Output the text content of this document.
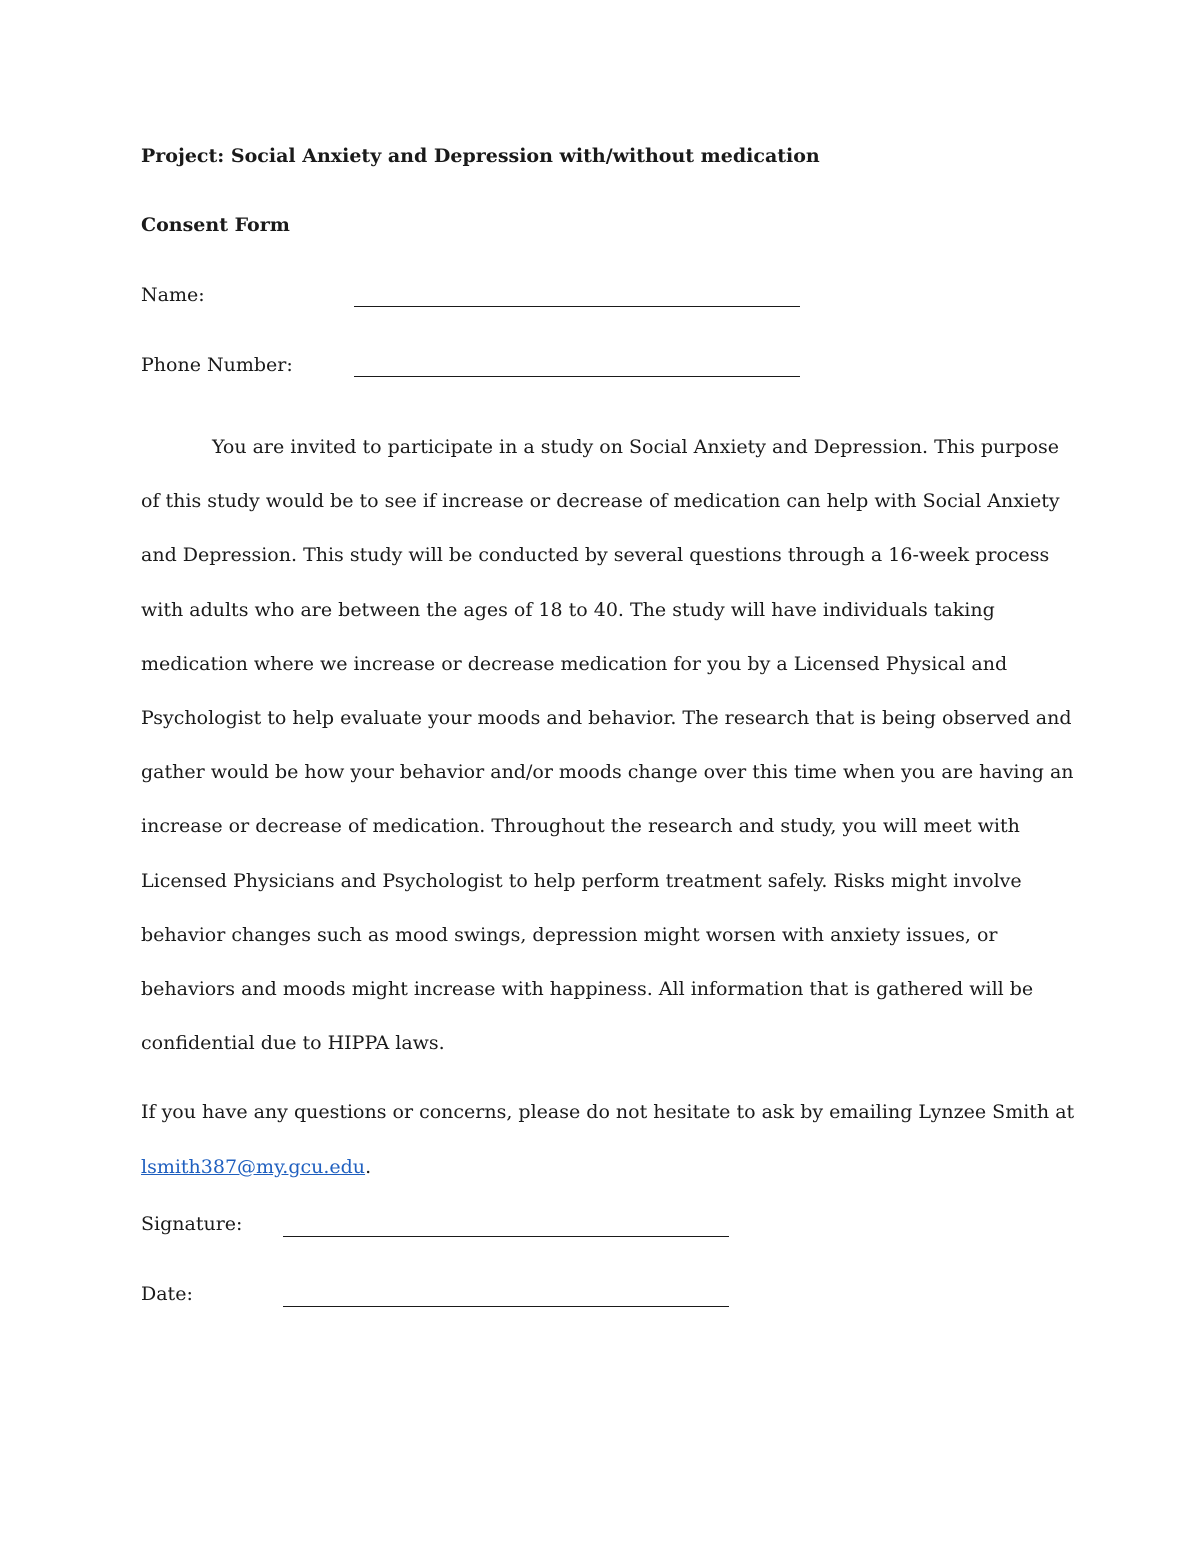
Project: Social Anxiety and Depression with/without medication
Consent Form
Name:
Phone Number:
You are invited to participate in a study on Social Anxiety and Depression. This purpose
of this study would be to see if increase or decrease of medication can help with Social Anxiety
and Depression. This study will be conducted by several questions through a 16-week process
with adults who are between the ages of 18 to 40. The study will have individuals taking
medication where we increase or decrease medication for you by a Licensed Physical and
Psychologist to help evaluate your moods and behavior. The research that is being observed and
gather would be how your behavior and/or moods change over this time when you are having an
increase or decrease of medication. Throughout the research and study, you will meet with
Licensed Physicians and Psychologist to help perform treatment safely. Risks might involve
behavior changes such as mood swings, depression might worsen with anxiety issues, or
behaviors and moods might increase with happiness. All information that is gathered will be
confidential due to HIPPA laws.
If you have any questions or concerns, please do not hesitate to ask by emailing Lynzee Smith at
lsmith387@my.gcu.edu.
Signature:
Date:
